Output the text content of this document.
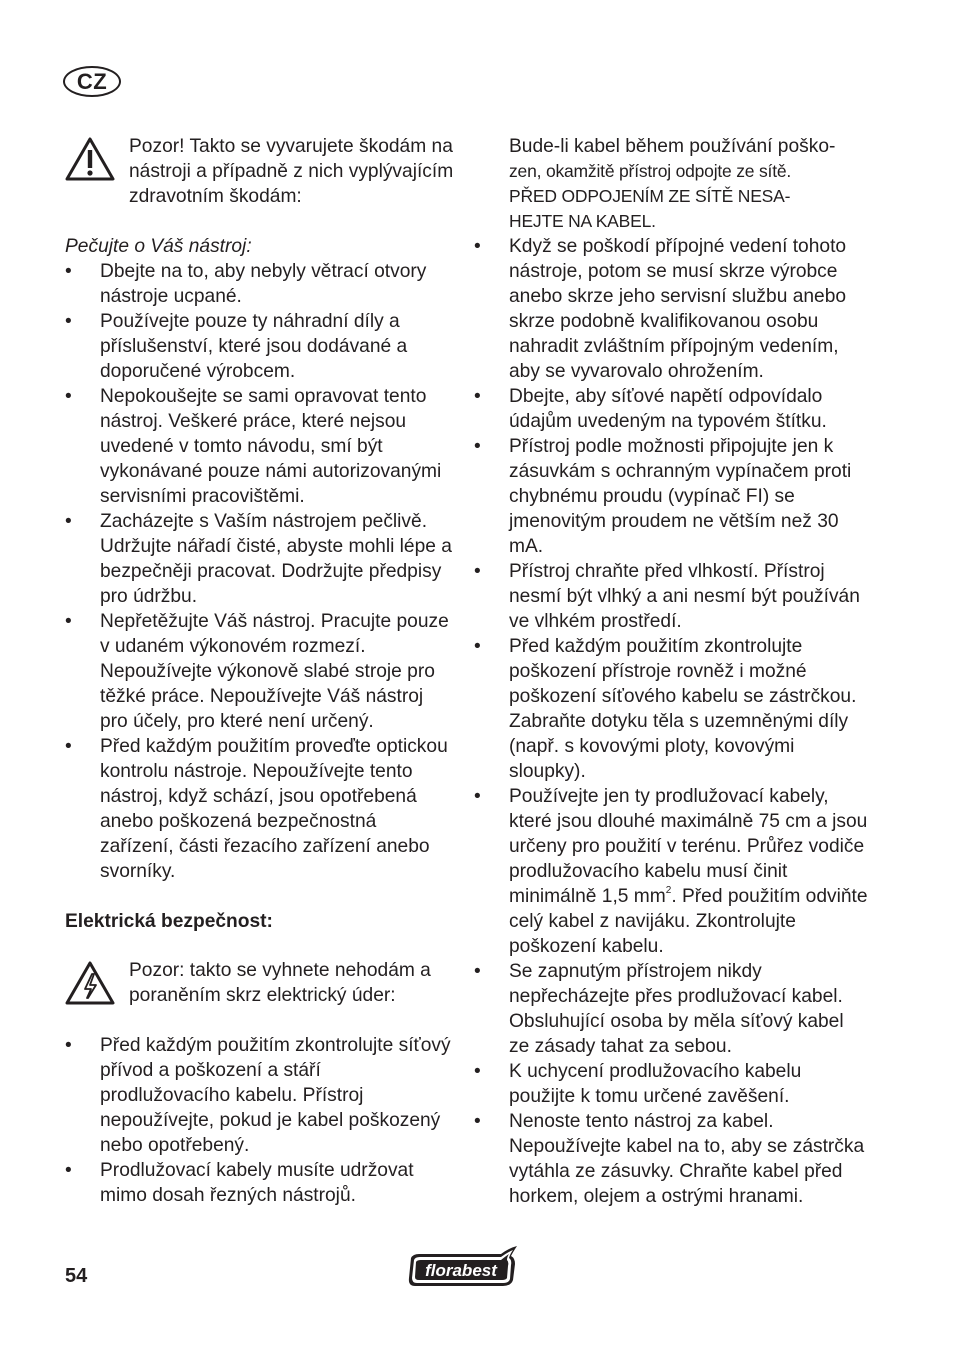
CZ
Pozor! Takto se vyvarujete škodám na nástroji a případně z nich vyplývajícím zdravotním škodám:
Pečujte o Váš nástroj:
• Dbejte na to, aby nebyly větrací otvory nástroje ucpané.
• Používejte pouze ty náhradní díly a příslušenství, které jsou dodávané a doporučené výrobcem.
• Nepokoušejte se sami opravovat tento nástroj. Veškeré práce, které nejsou uvedené v tomto návodu, smí být vykonávané pouze námi autorizovanými servisními pracovištěmi.
• Zacházejte s Vaším nástrojem pečlivě. Udržujte nářadí čisté, abyste mohli lépe a bezpečněji pracovat. Dodržujte předpisy pro údržbu.
• Nepřetěžujte Váš nástroj. Pracujte pouze v udaném výkonovém rozmezí. Nepoužívejte výkonově slabé stroje pro těžké práce. Nepoužívejte Váš nástroj pro účely, pro které není určený.
• Před každým použitím proveďte optickou kontrolu nástroje. Nepoužívejte tento nástroj, když schází, jsou opotřebená anebo poškozená bezpečnostná zařízení, části řezacího zařízení anebo svorníky.
Elektrická bezpečnost:
Pozor: takto se vyhnete nehodám a poraněním skrz elektrický úder:
• Před každým použitím zkontrolujte síťový přívod a poškození a stáří prodlužovacího kabelu. Přístroj nepoužívejte, pokud je kabel poškozený nebo opotřebený.
• Prodlužovací kabely musíte udržovat mimo dosah řezných nástrojů.
Bude-li kabel během používání poško-
zen, okamžitě přístroj odpojte ze sítě.
PŘED ODPOJENÍM ZE SÍTĚ NESA-
HEJTE NA KABEL.
• Když se poškodí přípojné vedení tohoto nástroje, potom se musí skrze výrobce anebo skrze jeho servisní službu anebo skrze podobně kvalifikovanou osobu nahradit zvláštním přípojným vedením, aby se vyvarovalo ohrožením.
• Dbejte, aby síťové napětí odpovídalo údajům uvedeným na typovém štítku.
• Přístroj podle možnosti připojujte jen k zásuvkám s ochranným vypínačem proti chybnému proudu (vypínač FI) se jmenovitým proudem ne větším než 30 mA.
• Přístroj chraňte před vlhkostí. Přístroj nesmí být vlhký a ani nesmí být používán ve vlhkém prostředí.
• Před každým použitím zkontrolujte poškození přístroje rovněž i možné poškození síťového kabelu se zástrčkou. Zabraňte dotyku těla s uzemněnými díly (např. s kovovými ploty, kovovými sloupky).
• Používejte jen ty prodlužovací kabely, které jsou dlouhé maximálně 75 cm a jsou určeny pro použití v terénu. Průřez vodiče prodlužovacího kabelu musí činit minimálně 1,5 $mm^2$. Před použitím odviňte celý kabel z navijáku. Zkontrolujte poškození kabelu.
• Se zapnutým přístrojem nikdy nepřecházejte přes prodlužovací kabel. Obsluhující osoba by měla síťový kabel ze zásady tahat za sebou.
• K uchycení prodlužovacího kabelu použijte k tomu určené zavěšení.
• Nenoste tento nástroj za kabel. Nepoužívejte kabel na to, aby se zástrčka vytáhla ze zásuvky. Chraňte kabel před horkem, olejem a ostrými hranami.
54	florabest
